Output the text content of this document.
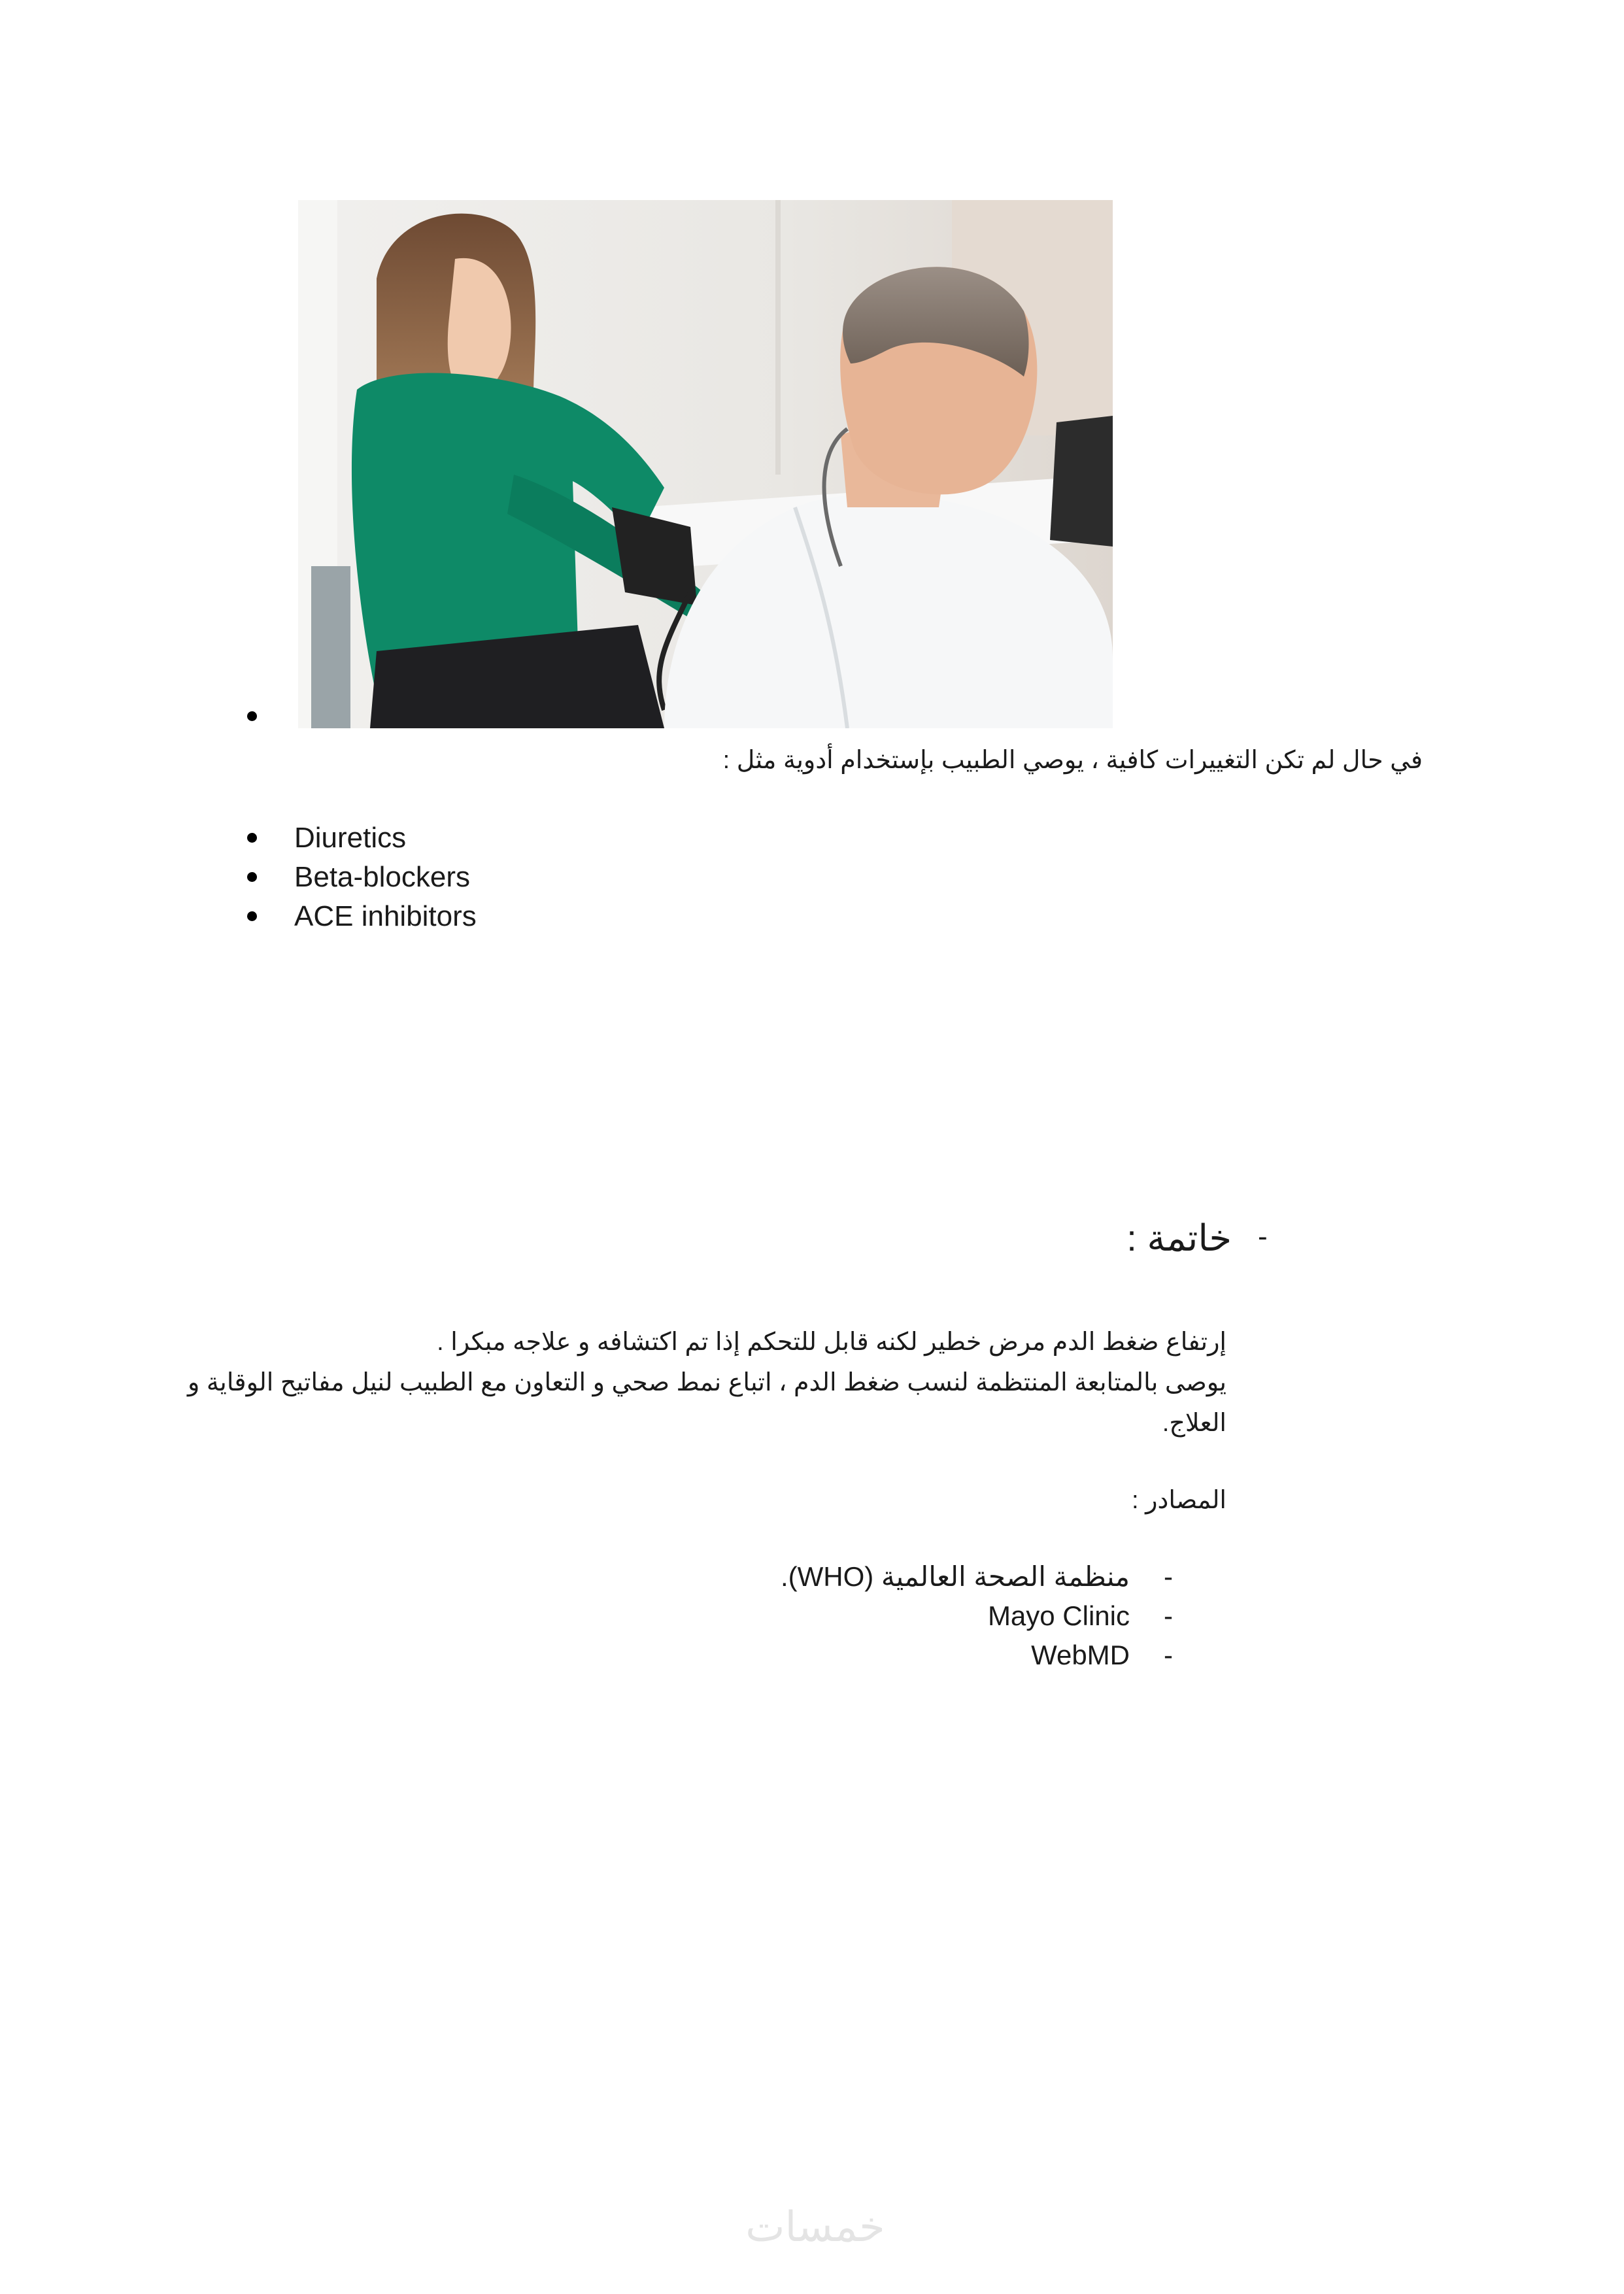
في حال لم تكن التغييرات كافية ، يوصي الطبيب بإستخدام أدوية مثل :
Diuretics
Beta-blockers
ACE inhibitors
-
خاتمة :
إرتفاع ضغط الدم مرض خطير لكنه قابل للتحكم إذا تم اكتشافه و علاجه مبكرا .
يوصى بالمتابعة المنتظمة لنسب ضغط الدم ، اتباع نمط صحي و التعاون مع الطبيب لنيل مفاتيح الوقاية و
العلاج.
المصادر :
منظمة الصحة العالمية (WHO). -
Mayo Clinic -
WebMD -
خمسات
